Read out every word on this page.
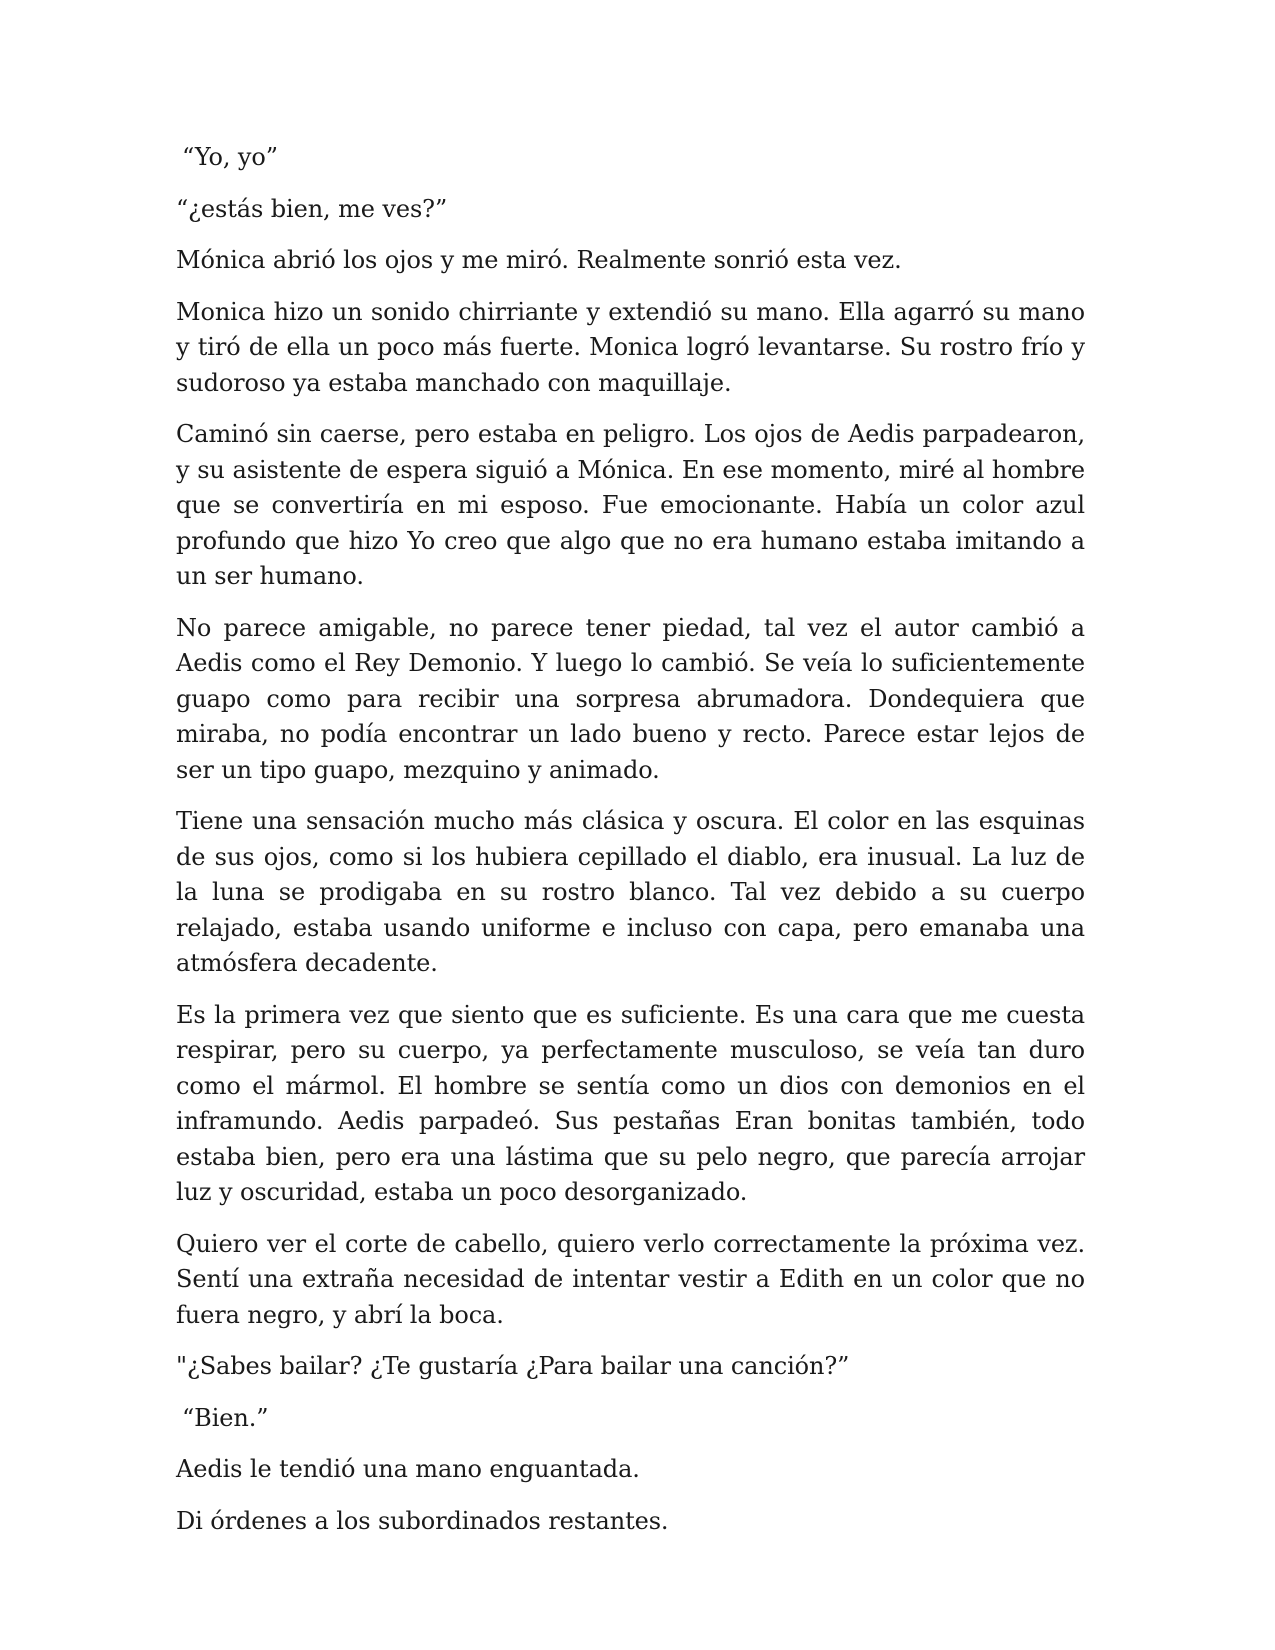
“Yo, yo”

“¿estás bien, me ves?”

Mónica abrió los ojos y me miró. Realmente sonrió esta vez.

Monica hizo un sonido chirriante y extendió su mano. Ella agarró su mano y tiró de ella un poco más fuerte. Monica logró levantarse. Su rostro frío y sudoroso ya estaba manchado con maquillaje.

Caminó sin caerse, pero estaba en peligro. Los ojos de Aedis parpadearon, y su asistente de espera siguió a Mónica. En ese momento, miré al hombre que se convertiría en mi esposo. Fue emocionante. Había un color azul profundo que hizo Yo creo que algo que no era humano estaba imitando a un ser humano.

No parece amigable, no parece tener piedad, tal vez el autor cambió a Aedis como el Rey Demonio. Y luego lo cambió. Se veía lo suficientemente guapo como para recibir una sorpresa abrumadora. Dondequiera que miraba, no podía encontrar un lado bueno y recto. Parece estar lejos de ser un tipo guapo, mezquino y animado.

Tiene una sensación mucho más clásica y oscura. El color en las esquinas de sus ojos, como si los hubiera cepillado el diablo, era inusual. La luz de la luna se prodigaba en su rostro blanco. Tal vez debido a su cuerpo relajado, estaba usando uniforme e incluso con capa, pero emanaba una atmósfera decadente.

Es la primera vez que siento que es suficiente. Es una cara que me cuesta respirar, pero su cuerpo, ya perfectamente musculoso, se veía tan duro como el mármol. El hombre se sentía como un dios con demonios en el inframundo. Aedis parpadeó. Sus pestañas Eran bonitas también, todo estaba bien, pero era una lástima que su pelo negro, que parecía arrojar luz y oscuridad, estaba un poco desorganizado.

Quiero ver el corte de cabello, quiero verlo correctamente la próxima vez. Sentí una extraña necesidad de intentar vestir a Edith en un color que no fuera negro, y abrí la boca.

"¿Sabes bailar? ¿Te gustaría ¿Para bailar una canción?”

“Bien.”

Aedis le tendió una mano enguantada.

Di órdenes a los subordinados restantes.
